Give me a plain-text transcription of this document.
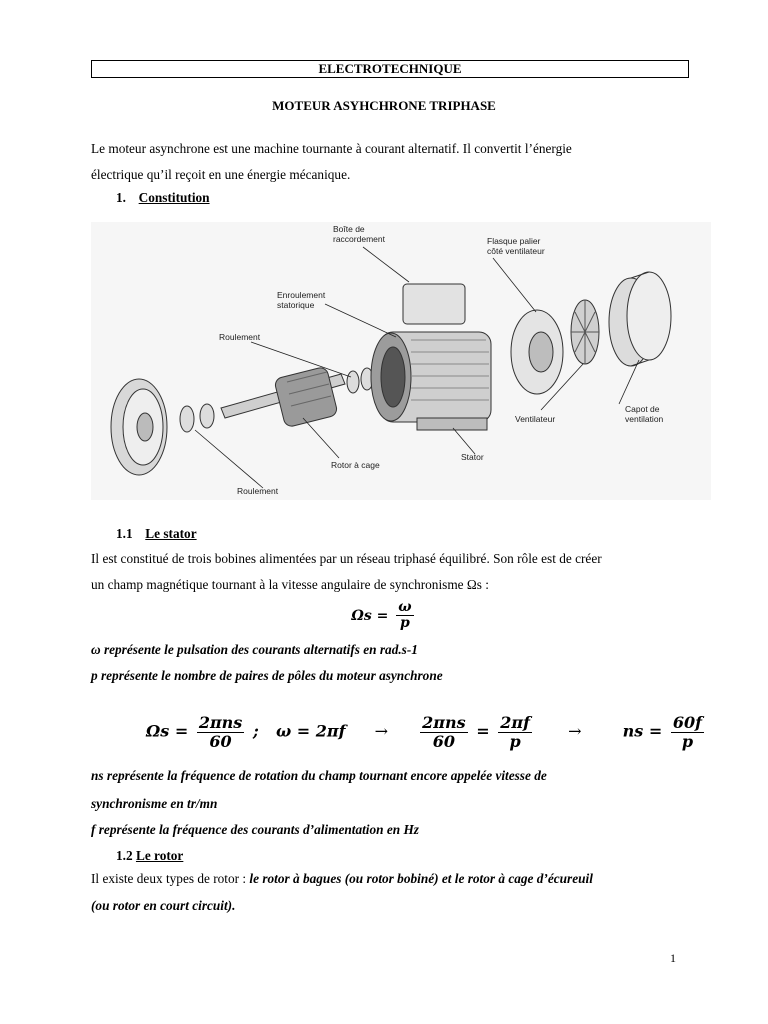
ELECTROTECHNIQUE
MOTEUR ASYHCHRONE TRIPHASE
Le moteur asynchrone est une machine tournante à courant alternatif. Il convertit l’énergie
électrique qu’il reçoit en une énergie mécanique.
1. Constitution
Boîte de raccordement	Flasque palier côté ventilateur
Enroulement statorique
Roulement
Ventilateur
Capot de ventilation
Rotor à cage
Stator
Roulement
1.1 Le stator
Il est constitué de trois bobines alimentées par un réseau triphasé équilibré. Son rôle est de créer
un champ magnétique tournant à la vitesse angulaire de synchronisme Ωs :
$\Omega s = \frac{\omega}{p}$
ω représente le pulsation des courants alternatifs en rad.s-1
p représente le nombre de paires de pôles du moteur asynchrone
$\Omega s = \frac{\text{2πns}}{60}$ ; $\omega = 2\pi f \to \frac{\text{2πns}}{60} = \frac{2\pi f}{p}$ →	ns = $\frac{60f}{p}$
ns représente la fréquence de rotation du champ tournant encore appelée vitesse de
synchronisme en tr/mn
f représente la fréquence des courants d’alimentation en Hz
1.2 Le rotor
Il existe deux types de rotor : le rotor à bagues (ou rotor bobiné) et le rotor à cage d’écureuil
(ou rotor en court circuit).
1
